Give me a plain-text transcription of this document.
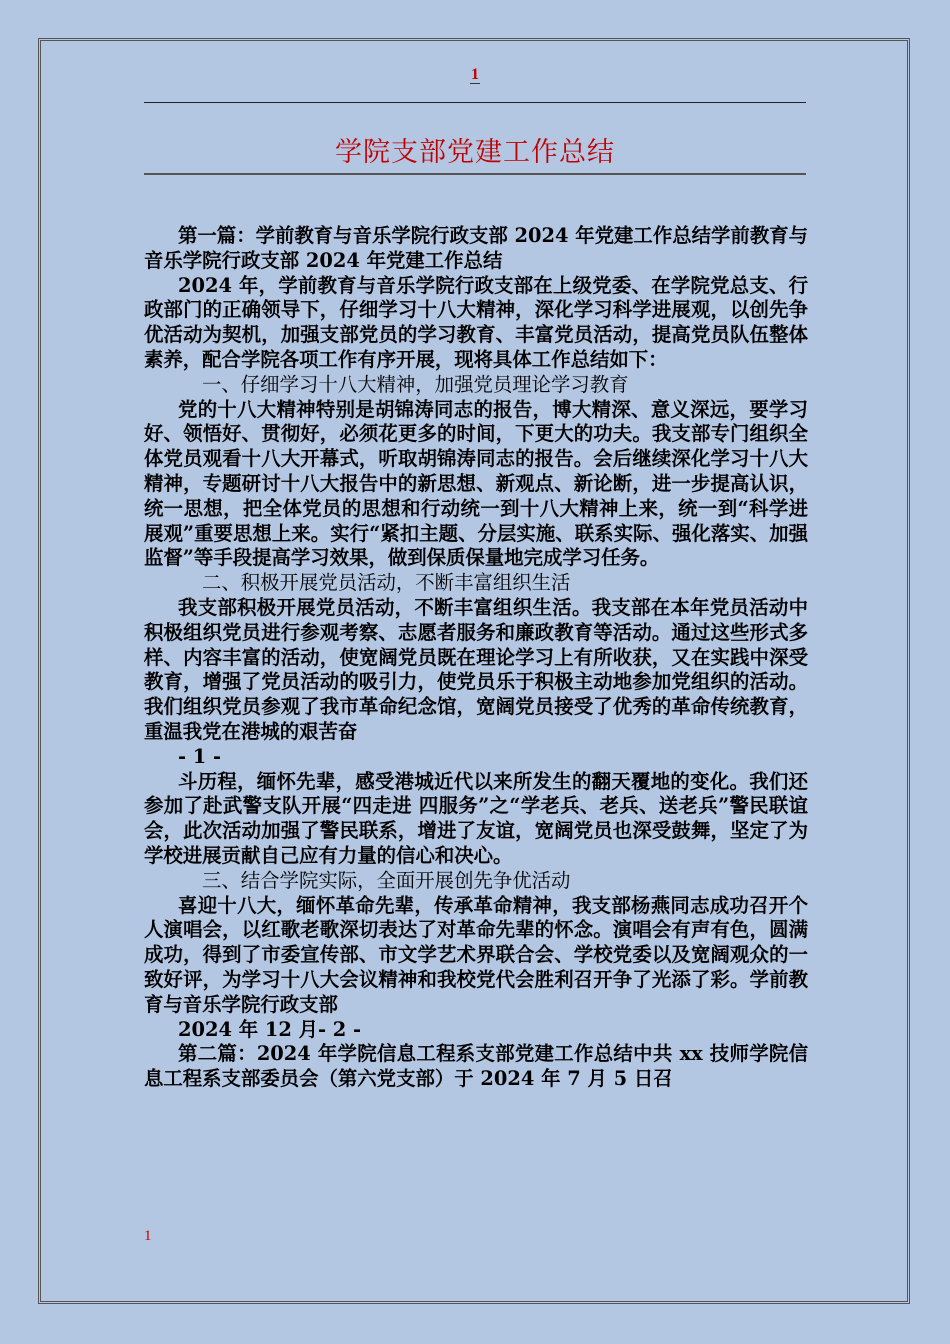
1
学院支部党建工作总结

第一篇：学前教育与音乐学院行政支部 2024 年党建工作总结学前教育与音乐学院行政支部 2024 年党建工作总结

2024 年，学前教育与音乐学院行政支部在上级党委、在学院党总支、行政部门的正确领导下，仔细学习十八大精神，深化学习科学进展观，以创先争优活动为契机，加强支部党员的学习教育、丰富党员活动，提高党员队伍整体素养，配合学院各项工作有序开展，现将具体工作总结如下：

一、仔细学习十八大精神，加强党员理论学习教育

党的十八大精神特别是胡锦涛同志的报告，博大精深、意义深远，要学习好、领悟好、贯彻好，必须花更多的时间，下更大的功夫。我支部专门组织全体党员观看十八大开幕式，听取胡锦涛同志的报告。会后继续深化学习十八大精神，专题研讨十八大报告中的新思想、新观点、新论断，进一步提高认识，统一思想，把全体党员的思想和行动统一到十八大精神上来，统一到“科学进展观”重要思想上来。实行“紧扣主题、分层实施、联系实际、强化落实、加强监督”等手段提高学习效果，做到保质保量地完成学习任务。

二、积极开展党员活动，不断丰富组织生活

我支部积极开展党员活动，不断丰富组织生活。我支部在本年党员活动中积极组织党员进行参观考察、志愿者服务和廉政教育等活动。通过这些形式多样、内容丰富的活动，使宽阔党员既在理论学习上有所收获，又在实践中深受教育，增强了党员活动的吸引力，使党员乐于积极主动地参加党组织的活动。我们组织党员参观了我市革命纪念馆，宽阔党员接受了优秀的革命传统教育，重温我党在港城的艰苦奋

- 1 -

斗历程，缅怀先辈，感受港城近代以来所发生的翻天覆地的变化。我们还参加了赴武警支队开展“四走进 四服务”之“学老兵、老兵、送老兵”警民联谊会，此次活动加强了警民联系，增进了友谊，宽阔党员也深受鼓舞，坚定了为学校进展贡献自己应有力量的信心和决心。

三、结合学院实际，全面开展创先争优活动

喜迎十八大，缅怀革命先辈，传承革命精神，我支部杨燕同志成功召开个人演唱会，以红歌老歌深切表达了对革命先辈的怀念。演唱会有声有色，圆满成功，得到了市委宣传部、市文学艺术界联合会、学校党委以及宽阔观众的一致好评，为学习十八大会议精神和我校党代会胜利召开争了光添了彩。学前教育与音乐学院行政支部

2024 年 12 月- 2 -

第二篇：2024 年学院信息工程系支部党建工作总结中共 xx 技师学院信息工程系支部委员会（第六党支部）于 2024 年 7 月 5 日召

1
